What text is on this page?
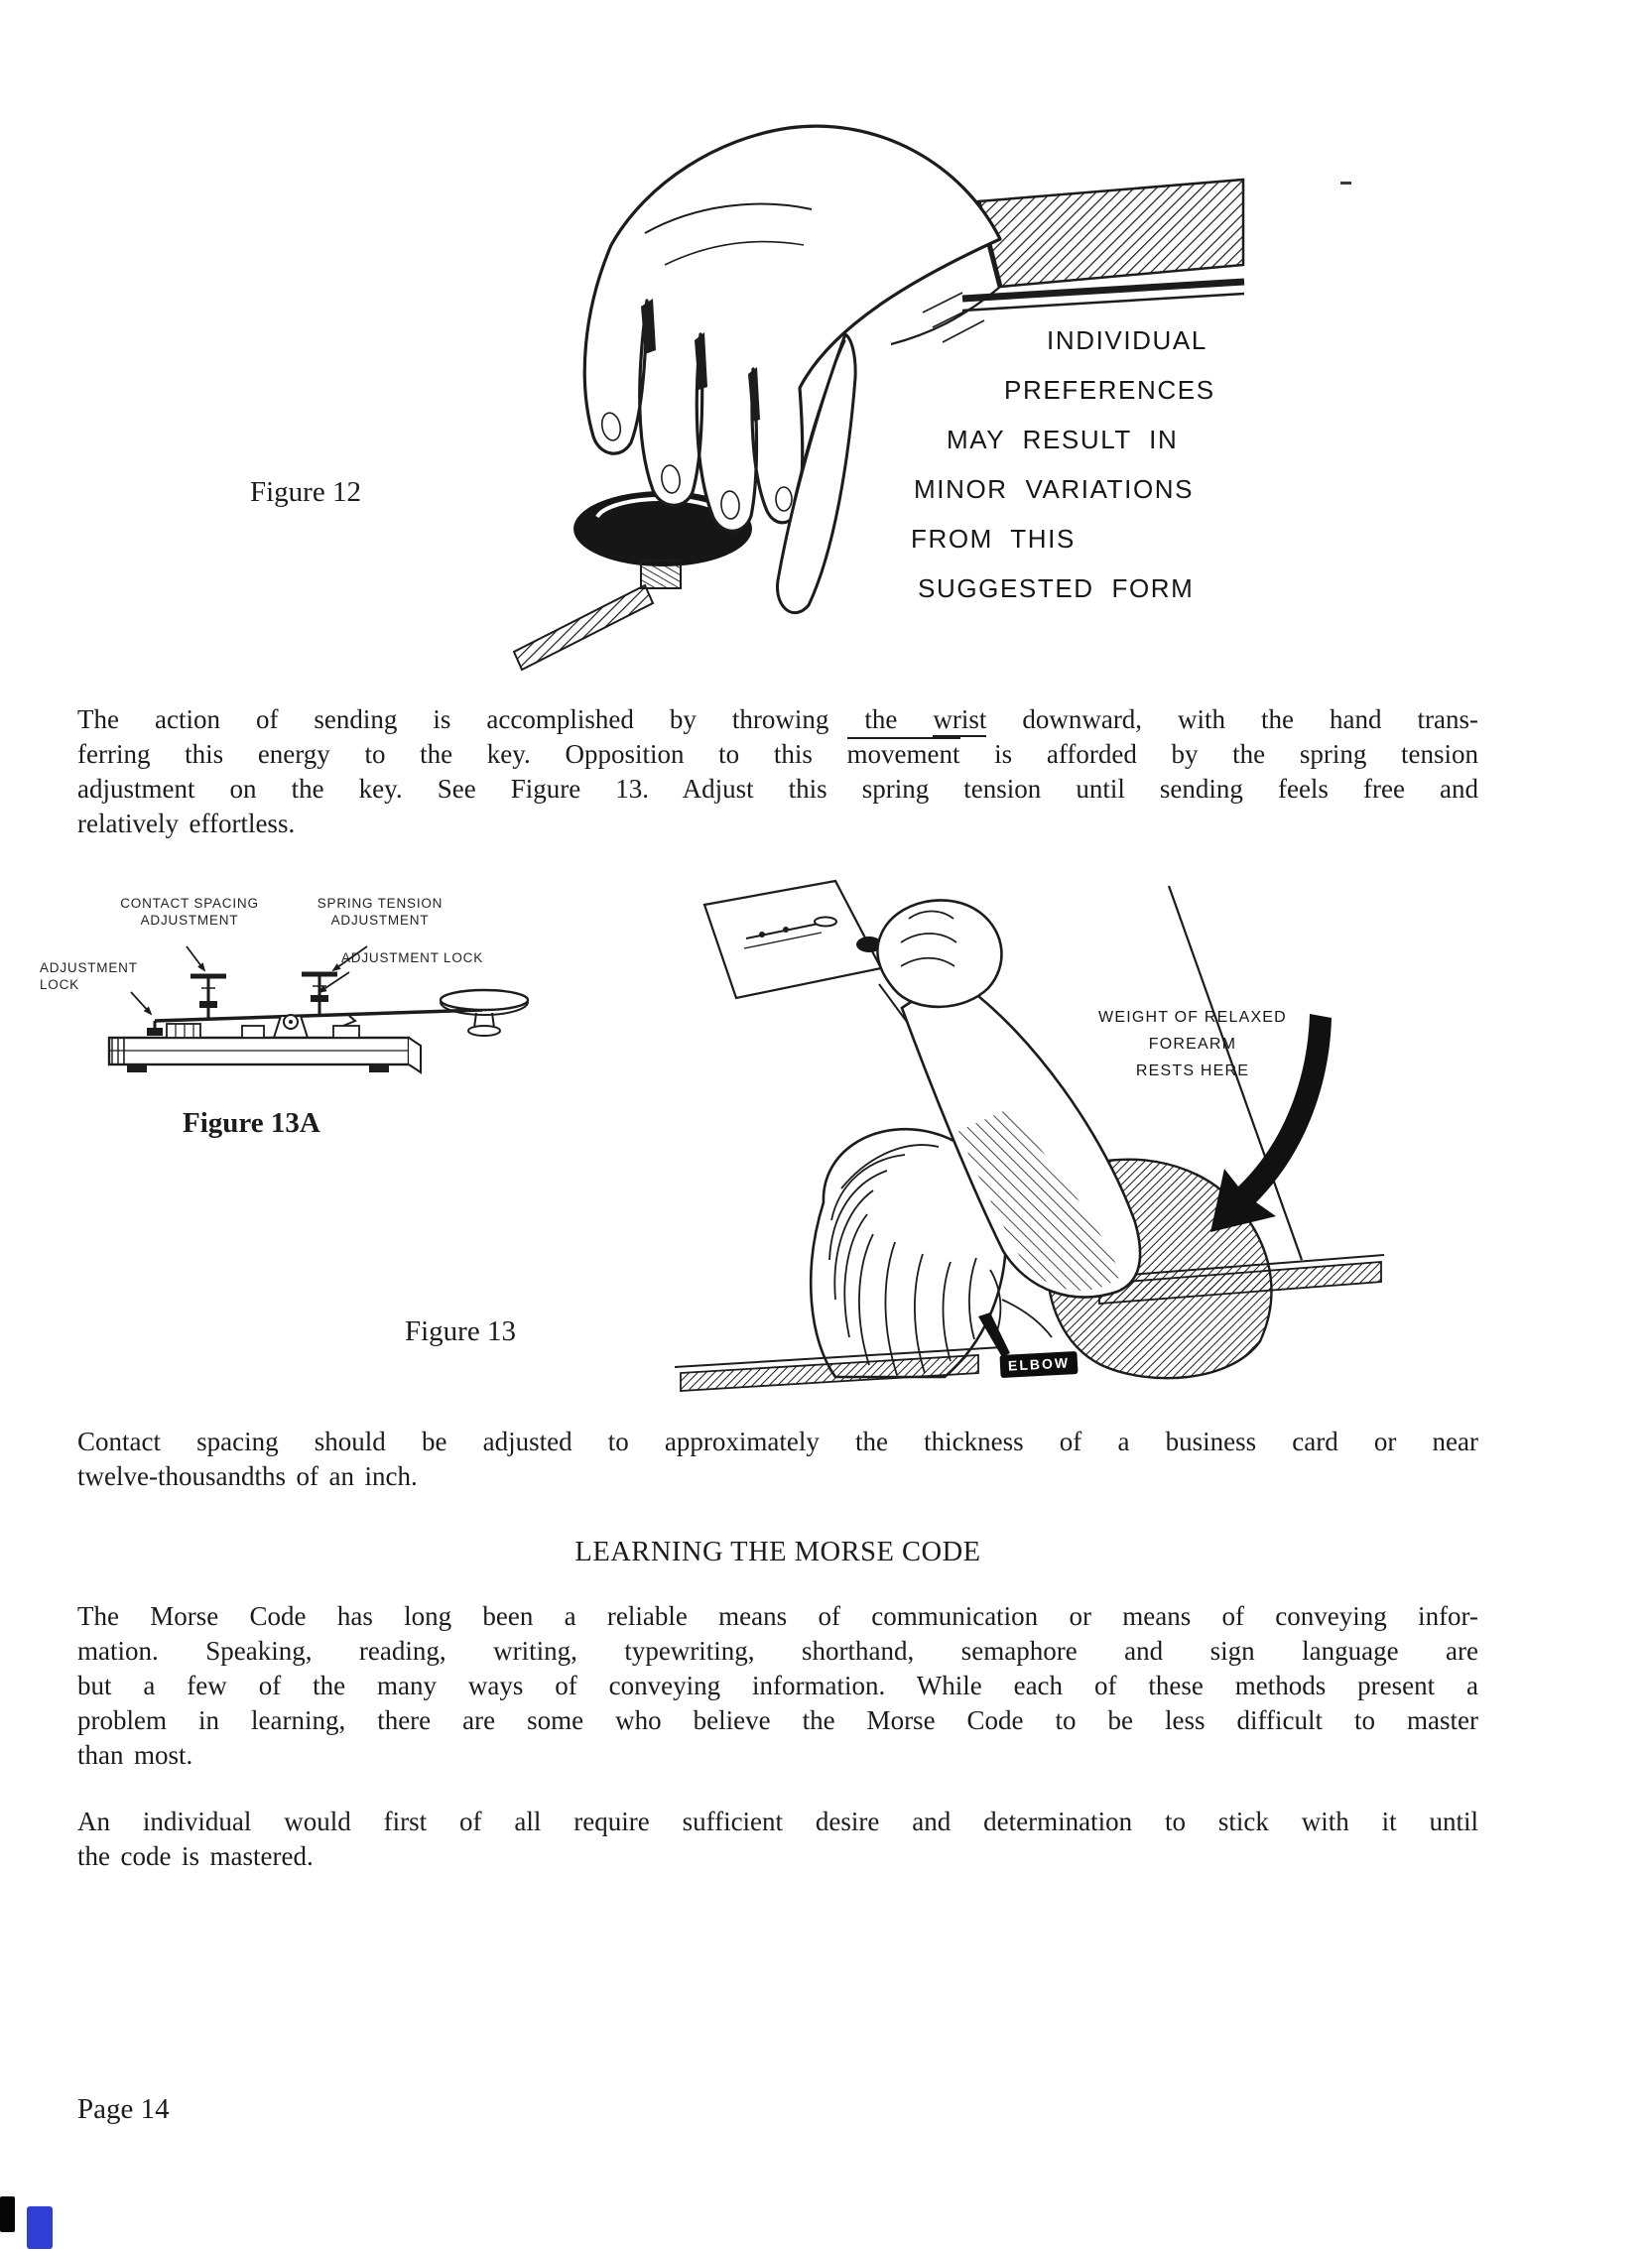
Figure 12
INDIVIDUAL
PREFERENCES
MAY RESULT IN
MINOR VARIATIONS
FROM THIS
SUGGESTED FORM
The action of sending is accomplished by throwing the wrist downward, with the hand trans-
ferring this energy to the key. Opposition to this movement is afforded by the spring tension
adjustment on the key. See Figure 13. Adjust this spring tension until sending feels free and
relatively effortless.
CONTACT SPACING
ADJUSTMENT
SPRING TENSION
ADJUSTMENT
ADJUSTMENT
LOCK
ADJUSTMENT LOCK
Figure 13A
WEIGHT OF RELAXED
FOREARM
RESTS HERE
ELBOW
Figure 13
Contact spacing should be adjusted to approximately the thickness of a business card or near
twelve-thousandths of an inch.
LEARNING THE MORSE CODE
The Morse Code has long been a reliable means of communication or means of conveying infor-
mation. Speaking, reading, writing, typewriting, shorthand, semaphore and sign language are
but a few of the many ways of conveying information. While each of these methods present a
problem in learning, there are some who believe the Morse Code to be less difficult to master
than most.
An individual would first of all require sufficient desire and determination to stick with it until
the code is mastered.
Page 14
